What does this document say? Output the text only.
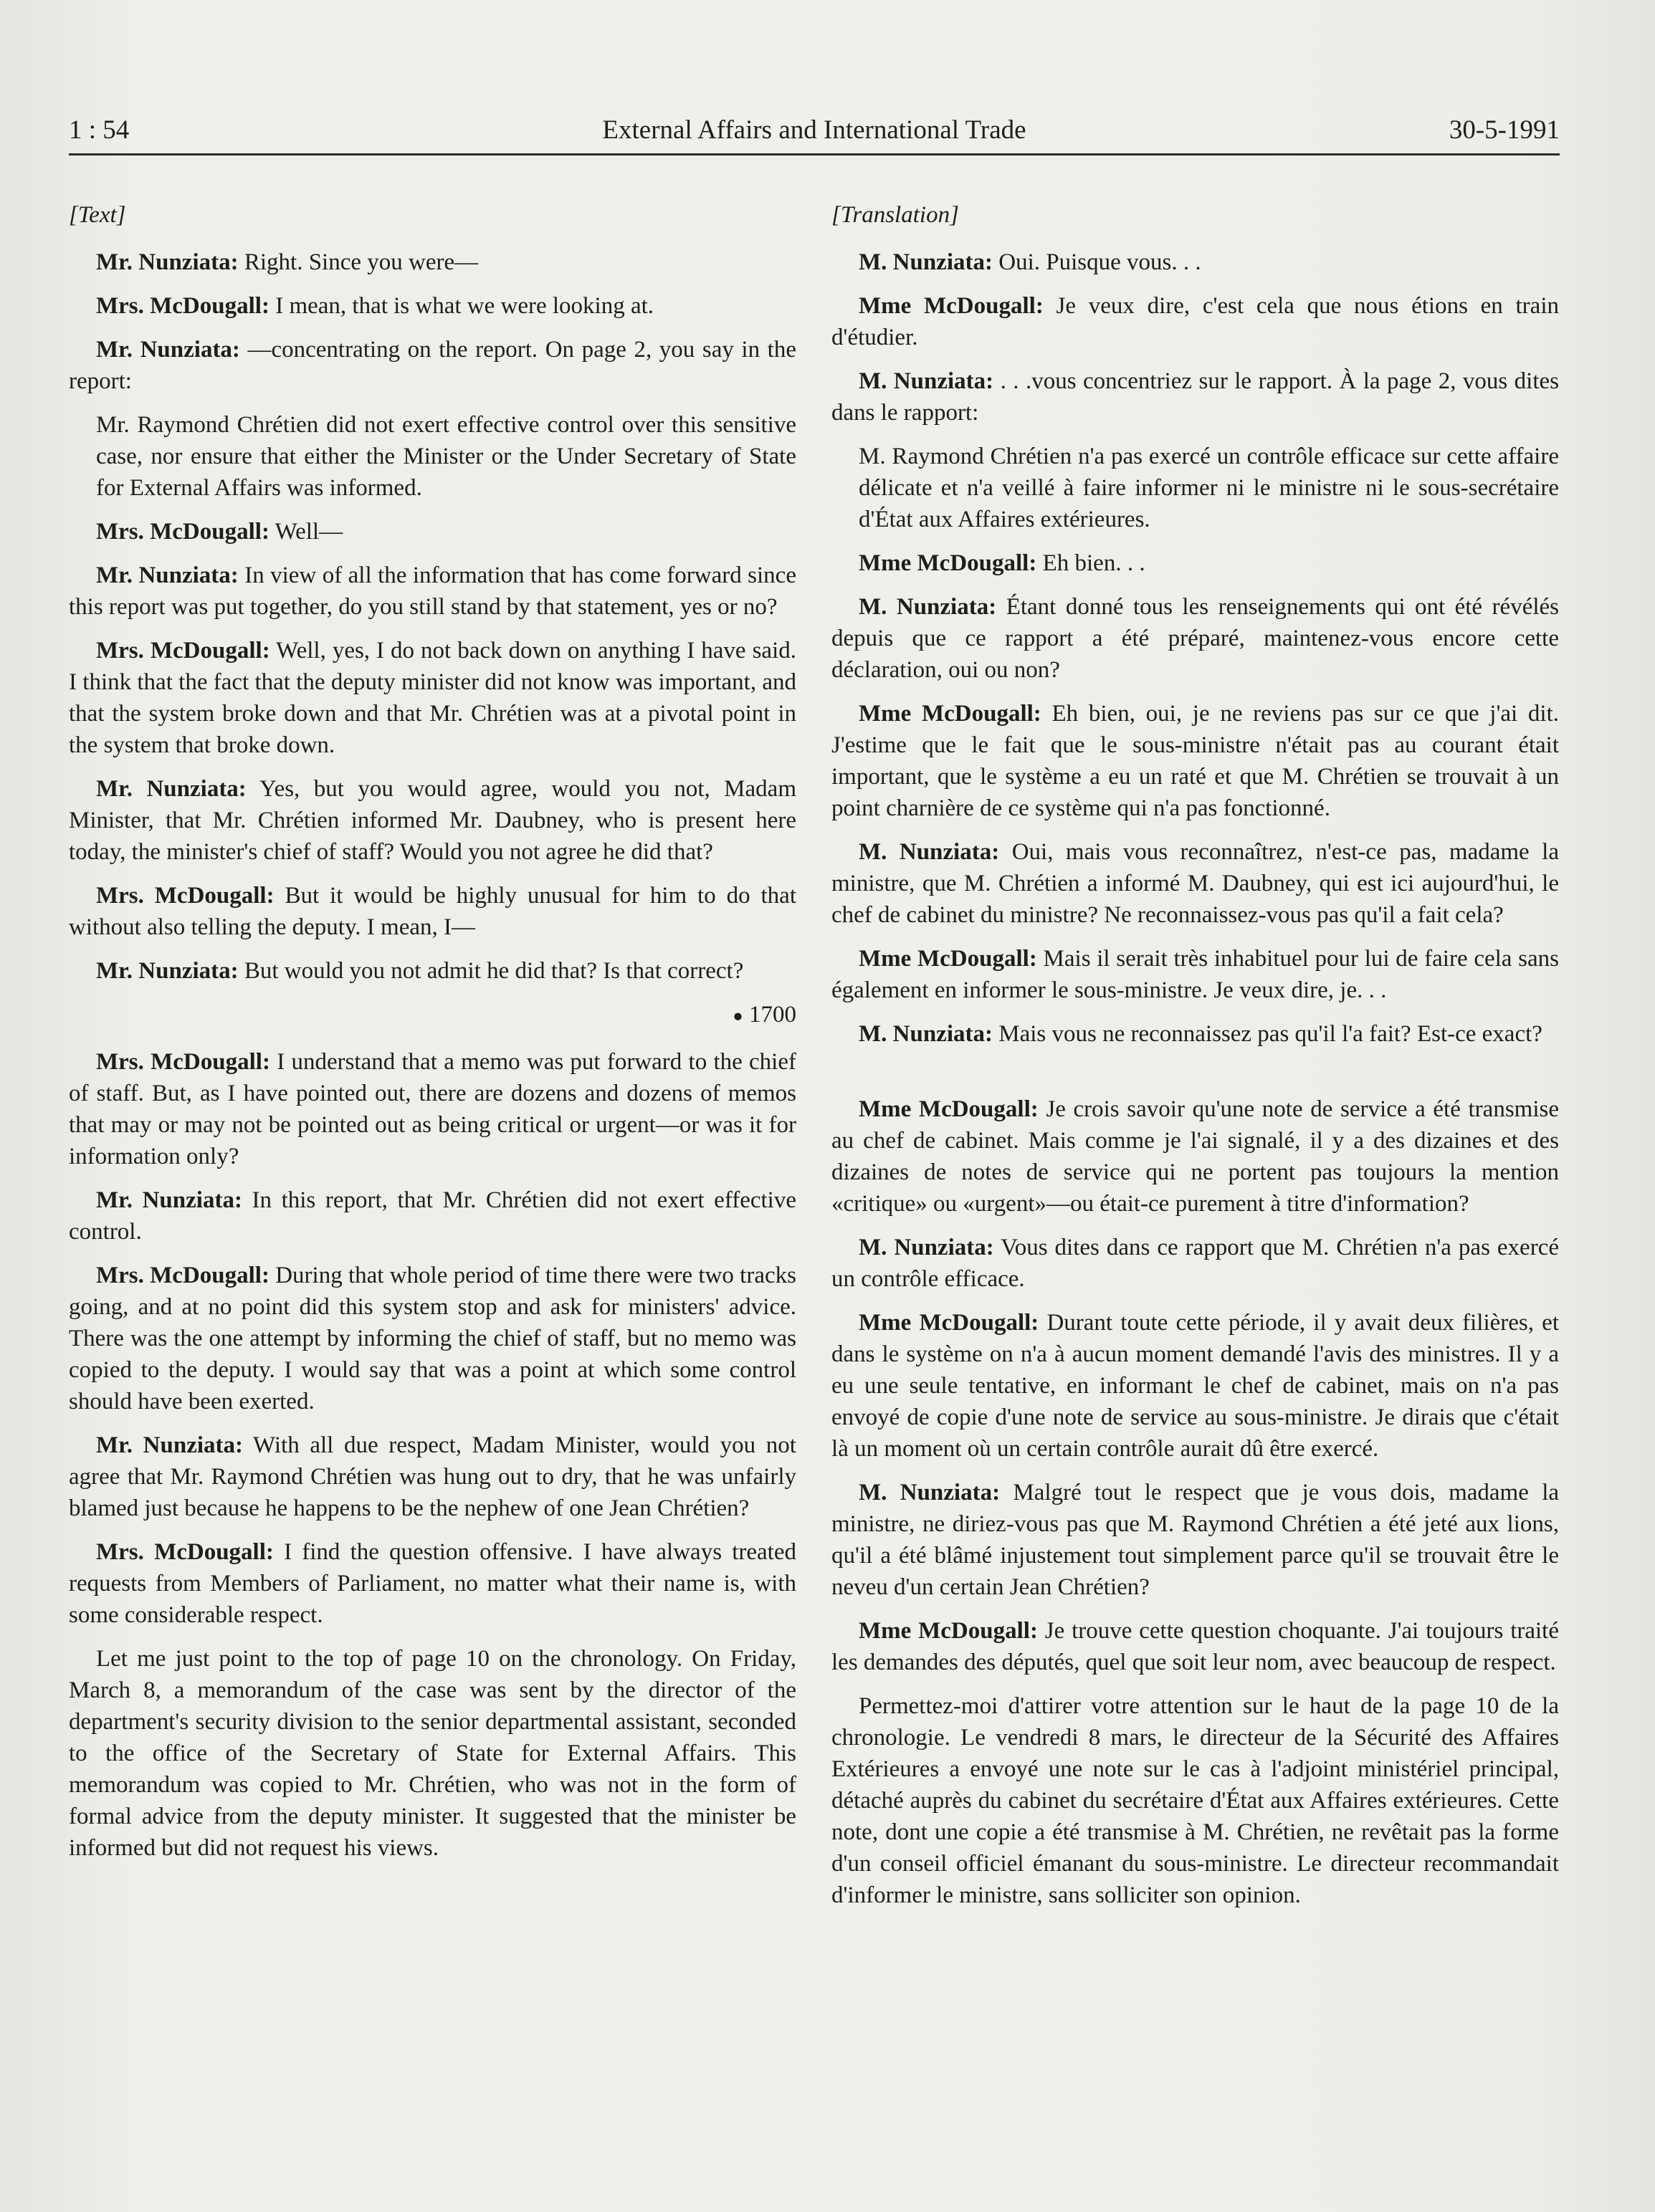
1 : 54	External Affairs and International Trade	30-5-1991
[Text]

Mr. Nunziata: Right. Since you were—

Mrs. McDougall: I mean, that is what we were looking at.

Mr. Nunziata: —concentrating on the report. On page 2, you say in the report:

Mr. Raymond Chrétien did not exert effective control over this sensitive case, nor ensure that either the Minister or the Under Secretary of State for External Affairs was informed.

Mrs. McDougall: Well—

Mr. Nunziata: In view of all the information that has come forward since this report was put together, do you still stand by that statement, yes or no?

Mrs. McDougall: Well, yes, I do not back down on anything I have said. I think that the fact that the deputy minister did not know was important, and that the system broke down and that Mr. Chrétien was at a pivotal point in the system that broke down.

Mr. Nunziata: Yes, but you would agree, would you not, Madam Minister, that Mr. Chrétien informed Mr. Daubney, who is present here today, the minister's chief of staff? Would you not agree he did that?

Mrs. McDougall: But it would be highly unusual for him to do that without also telling the deputy. I mean, I—

Mr. Nunziata: But would you not admit he did that? Is that correct?

● 1700

Mrs. McDougall: I understand that a memo was put forward to the chief of staff. But, as I have pointed out, there are dozens and dozens of memos that may or may not be pointed out as being critical or urgent—or was it for information only?

Mr. Nunziata: In this report, that Mr. Chrétien did not exert effective control.

Mrs. McDougall: During that whole period of time there were two tracks going, and at no point did this system stop and ask for ministers' advice. There was the one attempt by informing the chief of staff, but no memo was copied to the deputy. I would say that was a point at which some control should have been exerted.

Mr. Nunziata: With all due respect, Madam Minister, would you not agree that Mr. Raymond Chrétien was hung out to dry, that he was unfairly blamed just because he happens to be the nephew of one Jean Chrétien?

Mrs. McDougall: I find the question offensive. I have always treated requests from Members of Parliament, no matter what their name is, with some considerable respect.

Let me just point to the top of page 10 on the chronology. On Friday, March 8, a memorandum of the case was sent by the director of the department's security division to the senior departmental assistant, seconded to the office of the Secretary of State for External Affairs. This memorandum was copied to Mr. Chrétien, who was not in the form of formal advice from the deputy minister. It suggested that the minister be informed but did not request his views.

[Translation]

M. Nunziata: Oui. Puisque vous. . .

Mme McDougall: Je veux dire, c'est cela que nous étions en train d'étudier.

M. Nunziata: . . .vous concentriez sur le rapport. À la page 2, vous dites dans le rapport:

M. Raymond Chrétien n'a pas exercé un contrôle efficace sur cette affaire délicate et n'a veillé à faire informer ni le ministre ni le sous-secrétaire d'État aux Affaires extérieures.

Mme McDougall: Eh bien. . .

M. Nunziata: Étant donné tous les renseignements qui ont été révélés depuis que ce rapport a été préparé, maintenez-vous encore cette déclaration, oui ou non?

Mme McDougall: Eh bien, oui, je ne reviens pas sur ce que j'ai dit. J'estime que le fait que le sous-ministre n'était pas au courant était important, que le système a eu un raté et que M. Chrétien se trouvait à un point charnière de ce système qui n'a pas fonctionné.

M. Nunziata: Oui, mais vous reconnaîtrez, n'est-ce pas, madame la ministre, que M. Chrétien a informé M. Daubney, qui est ici aujourd'hui, le chef de cabinet du ministre? Ne reconnaissez-vous pas qu'il a fait cela?

Mme McDougall: Mais il serait très inhabituel pour lui de faire cela sans également en informer le sous-ministre. Je veux dire, je. . .

M. Nunziata: Mais vous ne reconnaissez pas qu'il l'a fait? Est-ce exact?

Mme McDougall: Je crois savoir qu'une note de service a été transmise au chef de cabinet. Mais comme je l'ai signalé, il y a des dizaines et des dizaines de notes de service qui ne portent pas toujours la mention «critique» ou «urgent»—ou était-ce purement à titre d'information?

M. Nunziata: Vous dites dans ce rapport que M. Chrétien n'a pas exercé un contrôle efficace.

Mme McDougall: Durant toute cette période, il y avait deux filières, et dans le système on n'a à aucun moment demandé l'avis des ministres. Il y a eu une seule tentative, en informant le chef de cabinet, mais on n'a pas envoyé de copie d'une note de service au sous-ministre. Je dirais que c'était là un moment où un certain contrôle aurait dû être exercé.

M. Nunziata: Malgré tout le respect que je vous dois, madame la ministre, ne diriez-vous pas que M. Raymond Chrétien a été jeté aux lions, qu'il a été blâmé injustement tout simplement parce qu'il se trouvait être le neveu d'un certain Jean Chrétien?

Mme McDougall: Je trouve cette question choquante. J'ai toujours traité les demandes des députés, quel que soit leur nom, avec beaucoup de respect.

Permettez-moi d'attirer votre attention sur le haut de la page 10 de la chronologie. Le vendredi 8 mars, le directeur de la Sécurité des Affaires Extérieures a envoyé une note sur le cas à l'adjoint ministériel principal, détaché auprès du cabinet du secrétaire d'État aux Affaires extérieures. Cette note, dont une copie a été transmise à M. Chrétien, ne revêtait pas la forme d'un conseil officiel émanant du sous-ministre. Le directeur recommandait d'informer le ministre, sans solliciter son opinion.
